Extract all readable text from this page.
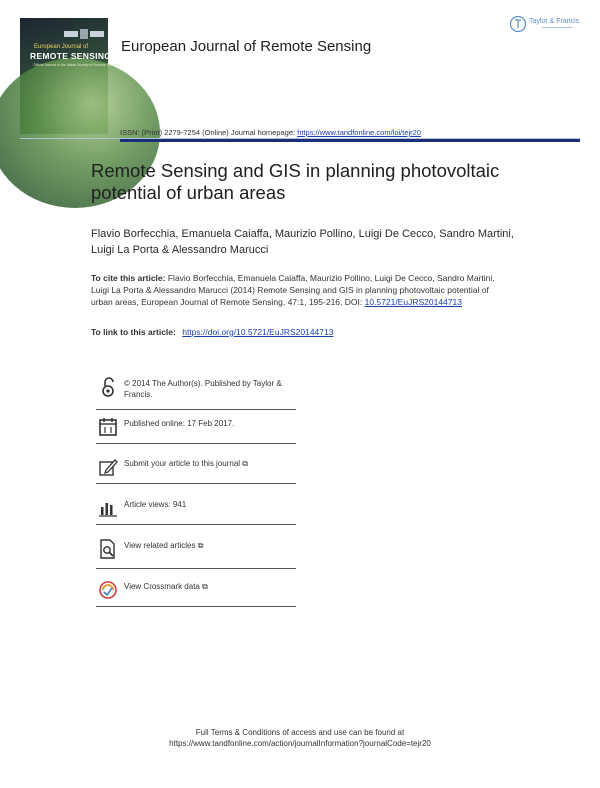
European Journal of
REMOTE SENSING
Official Journal of the Italian Society of Remote Sensing
European Journal of Remote Sensing
Taylor & Francis
ISSN: (Print) 2279-7254 (Online) Journal homepage: https://www.tandfonline.com/loi/tejr20
Remote Sensing and GIS in planning photovoltaic potential of urban areas
Flavio Borfecchia, Emanuela Caiaffa, Maurizio Pollino, Luigi De Cecco, Sandro Martini, Luigi La Porta & Alessandro Marucci
To cite this article: Flavio Borfecchia, Emanuela Caiaffa, Maurizio Pollino, Luigi De Cecco, Sandro Martini, Luigi La Porta & Alessandro Marucci (2014) Remote Sensing and GIS in planning photovoltaic potential of urban areas, European Journal of Remote Sensing, 47:1, 195-216, DOI: 10.5721/EuJRS20144713
To link to this article: https://doi.org/10.5721/EuJRS20144713
© 2014 The Author(s). Published by Taylor & Francis.
Published online: 17 Feb 2017.
Submit your article to this journal ⧉
Article views: 941
View related articles ⧉
View Crossmark data ⧉
Full Terms & Conditions of access and use can be found at
https://www.tandfonline.com/action/journalInformation?journalCode=tejr20
